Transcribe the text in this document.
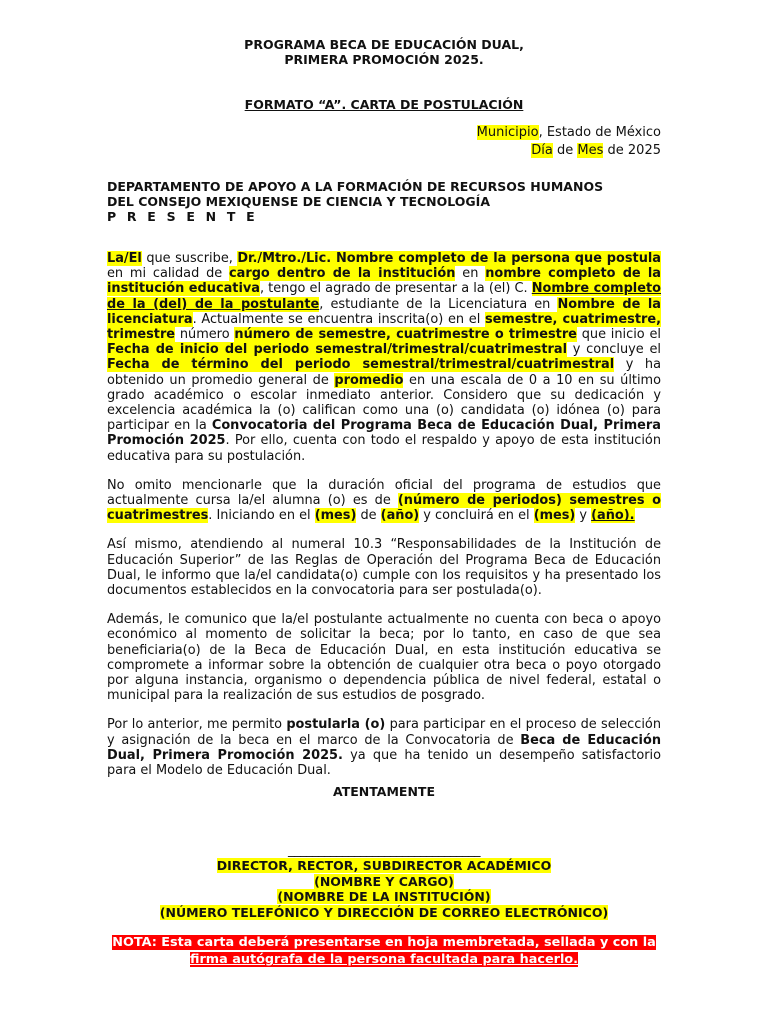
PROGRAMA BECA DE EDUCACIÓN DUAL,
PRIMERA PROMOCIÓN 2025.
FORMATO “A”. CARTA DE POSTULACIÓN
Municipio, Estado de México
Día de Mes de 2025
DEPARTAMENTO DE APOYO A LA FORMACIÓN DE RECURSOS HUMANOS
DEL CONSEJO MEXIQUENSE DE CIENCIA Y TECNOLOGÍA
P R E S E N T E

La/El que suscribe, Dr./Mtro./Lic. Nombre completo de la persona que postula en mi calidad de cargo dentro de la institución en nombre completo de la institución educativa, tengo el agrado de presentar a la (el) C. Nombre completo de la (del) de la postulante, estudiante de la Licenciatura en Nombre de la licenciatura. Actualmente se encuentra inscrita(o) en el semestre, cuatrimestre, trimestre número número de semestre, cuatrimestre o trimestre que inicio el Fecha de inicio del periodo semestral/trimestral/cuatrimestral y concluye el Fecha de término del periodo semestral/trimestral/cuatrimestral y ha obtenido un promedio general de promedio en una escala de 0 a 10 en su último grado académico o escolar inmediato anterior. Considero que su dedicación y excelencia académica la (o) califican como una (o) candidata (o) idónea (o) para participar en la Convocatoria del Programa Beca de Educación Dual, Primera Promoción 2025. Por ello, cuenta con todo el respaldo y apoyo de esta institución educativa para su postulación.

No omito mencionarle que la duración oficial del programa de estudios que actualmente cursa la/el alumna (o) es de (número de periodos) semestres o cuatrimestres. Iniciando en el (mes) de (año) y concluirá en el (mes) y (año).

Así mismo, atendiendo al numeral 10.3 “Responsabilidades de la Institución de Educación Superior” de las Reglas de Operación del Programa Beca de Educación Dual, le informo que la/el candidata(o) cumple con los requisitos y ha presentado los documentos establecidos en la convocatoria para ser postulada(o).

Además, le comunico que la/el postulante actualmente no cuenta con beca o apoyo económico al momento de solicitar la beca; por lo tanto, en caso de que sea beneficiaria(o) de la Beca de Educación Dual, en esta institución educativa se compromete a informar sobre la obtención de cualquier otra beca o poyo otorgado por alguna instancia, organismo o dependencia pública de nivel federal, estatal o municipal para la realización de sus estudios de posgrado.

Por lo anterior, me permito postularla (o) para participar en el proceso de selección y asignación de la beca en el marco de la Convocatoria de Beca de Educación Dual, Primera Promoción 2025. ya que ha tenido un desempeño satisfactorio para el Modelo de Educación Dual.

ATENTAMENTE
________________________________
DIRECTOR, RECTOR, SUBDIRECTOR ACADÉMICO
(NOMBRE Y CARGO)
(NOMBRE DE LA INSTITUCIÓN)
(NÚMERO TELEFÓNICO Y DIRECCIÓN DE CORREO ELECTRÓNICO)
NOTA: Esta carta deberá presentarse en hoja membretada, sellada y con la
firma autógrafa de la persona facultada para hacerlo.
